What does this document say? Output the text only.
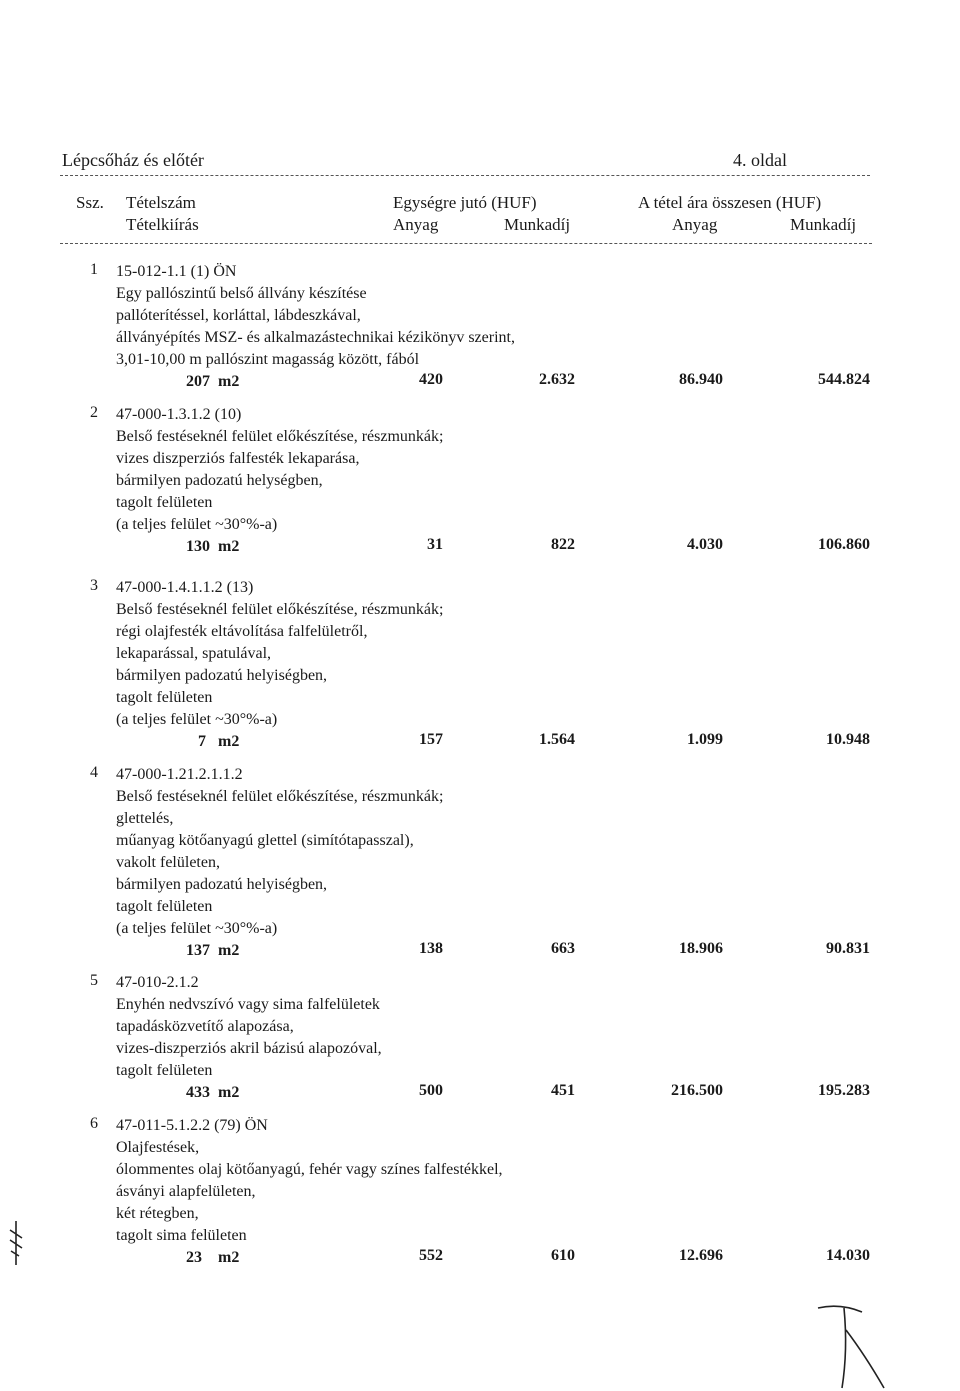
Lépcsőház és előtér	4. oldal
Ssz. Tételszám
Tételkiírás
Egységre jutó (HUF)	A tétel ára összesen (HUF)
Anyag	Munkadíj	Anyag	Munkadíj
1 15-012-1.1 (1) ÖN
Egy pallószintű belső állvány készítése
pallóterítéssel, korláttal, lábdeszkával,
állványépítés MSZ- és alkalmazástechnikai kézikönyv szerint,
3,01-10,00 m pallószint magasság között, fából
207 m2	420	2.632	86.940	544.824
2 47-000-1.3.1.2 (10)
Belső festéseknél felület előkészítése, részmunkák;
vizes diszperziós falfesték lekaparása,
bármilyen padozatú helységben,
tagolt felületen
(a teljes felület ~30°%-a)
130 m2	31	822	4.030	106.860
3 47-000-1.4.1.1.2 (13)
Belső festéseknél felület előkészítése, részmunkák;
régi olajfesték eltávolítása falfelületről,
lekaparással, spatulával,
bármilyen padozatú helyiségben,
tagolt felületen
(a teljes felület ~30°%-a)
7 m2	157	1.564	1.099	10.948
4 47-000-1.21.2.1.1.2
Belső festéseknél felület előkészítése, részmunkák;
glettelés,
műanyag kötőanyagú glettel (simítótapasszal),
vakolt felületen,
bármilyen padozatú helyiségben,
tagolt felületen
(a teljes felület ~30°%-a)
137 m2	138	663	18.906	90.831
5 47-010-2.1.2
Enyhén nedvszívó vagy sima falfelületek
tapadásközvetítő alapozása,
vizes-diszperziós akril bázisú alapozóval,
tagolt felületen
433 m2	500	451	216.500	195.283
6 47-011-5.1.2.2 (79) ÖN
Olajfestések,
ólommentes olaj kötőanyagú, fehér vagy színes falfestékkel,
ásványi alapfelületen,
két rétegben,
tagolt sima felületen
23 m2	552	610	12.696	14.030
